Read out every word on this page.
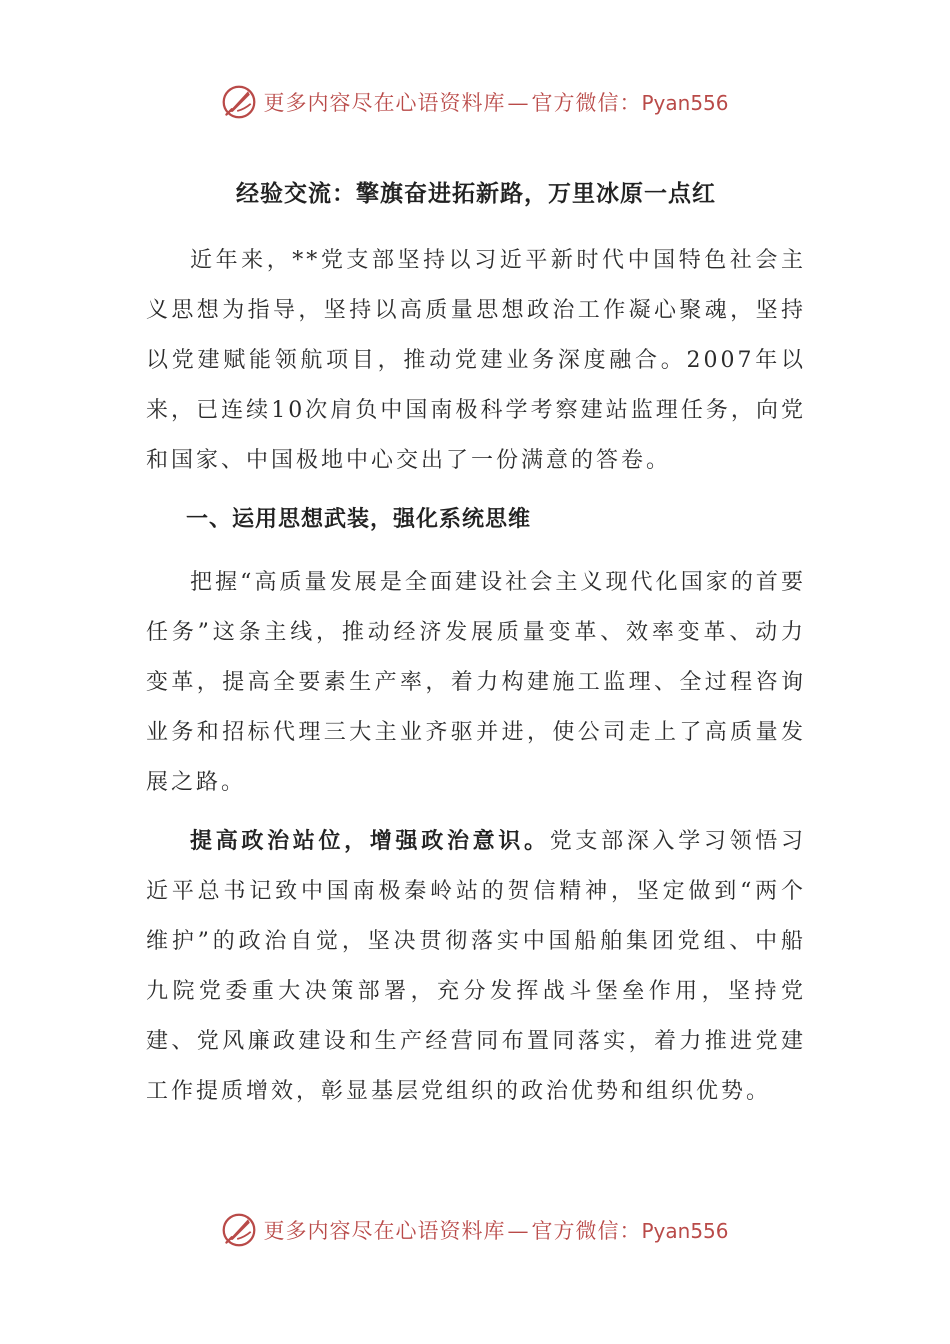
更多内容尽在心语资料库—官方微信：Pyan556
经验交流：擎旗奋进拓新路，万里冰原一点红

近年来，**党支部坚持以习近平新时代中国特色社会主义思想为指导，坚持以高质量思想政治工作凝心聚魂，坚持以党建赋能领航项目，推动党建业务深度融合。2007年以来，已连续10次肩负中国南极科学考察建站监理任务，向党和国家、中国极地中心交出了一份满意的答卷。

一、运用思想武装，强化系统思维

把握“高质量发展是全面建设社会主义现代化国家的首要任务”这条主线，推动经济发展质量变革、效率变革、动力变革，提高全要素生产率，着力构建施工监理、全过程咨询业务和招标代理三大主业齐驱并进，使公司走上了高质量发展之路。

提高政治站位，增强政治意识。党支部深入学习领悟习近平总书记致中国南极秦岭站的贺信精神，坚定做到“两个维护”的政治自觉，坚决贯彻落实中国船舶集团党组、中船九院党委重大决策部署，充分发挥战斗堡垒作用，坚持党建、党风廉政建设和生产经营同布置同落实，着力推进党建工作提质增效，彰显基层党组织的政治优势和组织优势。

更多内容尽在心语资料库—官方微信：Pyan556
